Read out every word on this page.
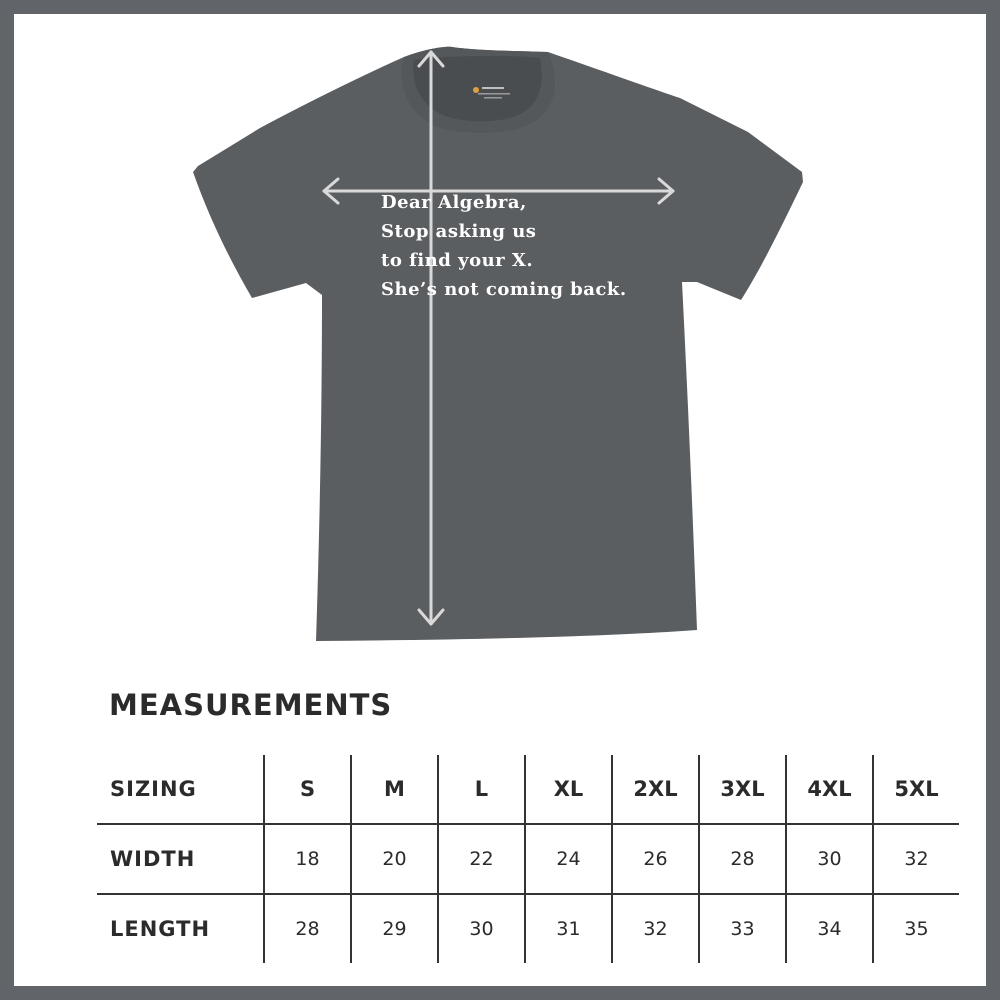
Dear Algebra,
Stop asking us
to find your X.
She’s not coming back.
MEASUREMENTS
SIZING	S	M	L	XL	2XL	3XL	4XL	5XL
WIDTH	18	20	22	24	26	28	30	32
LENGTH	28	29	30	31	32	33	34	35
